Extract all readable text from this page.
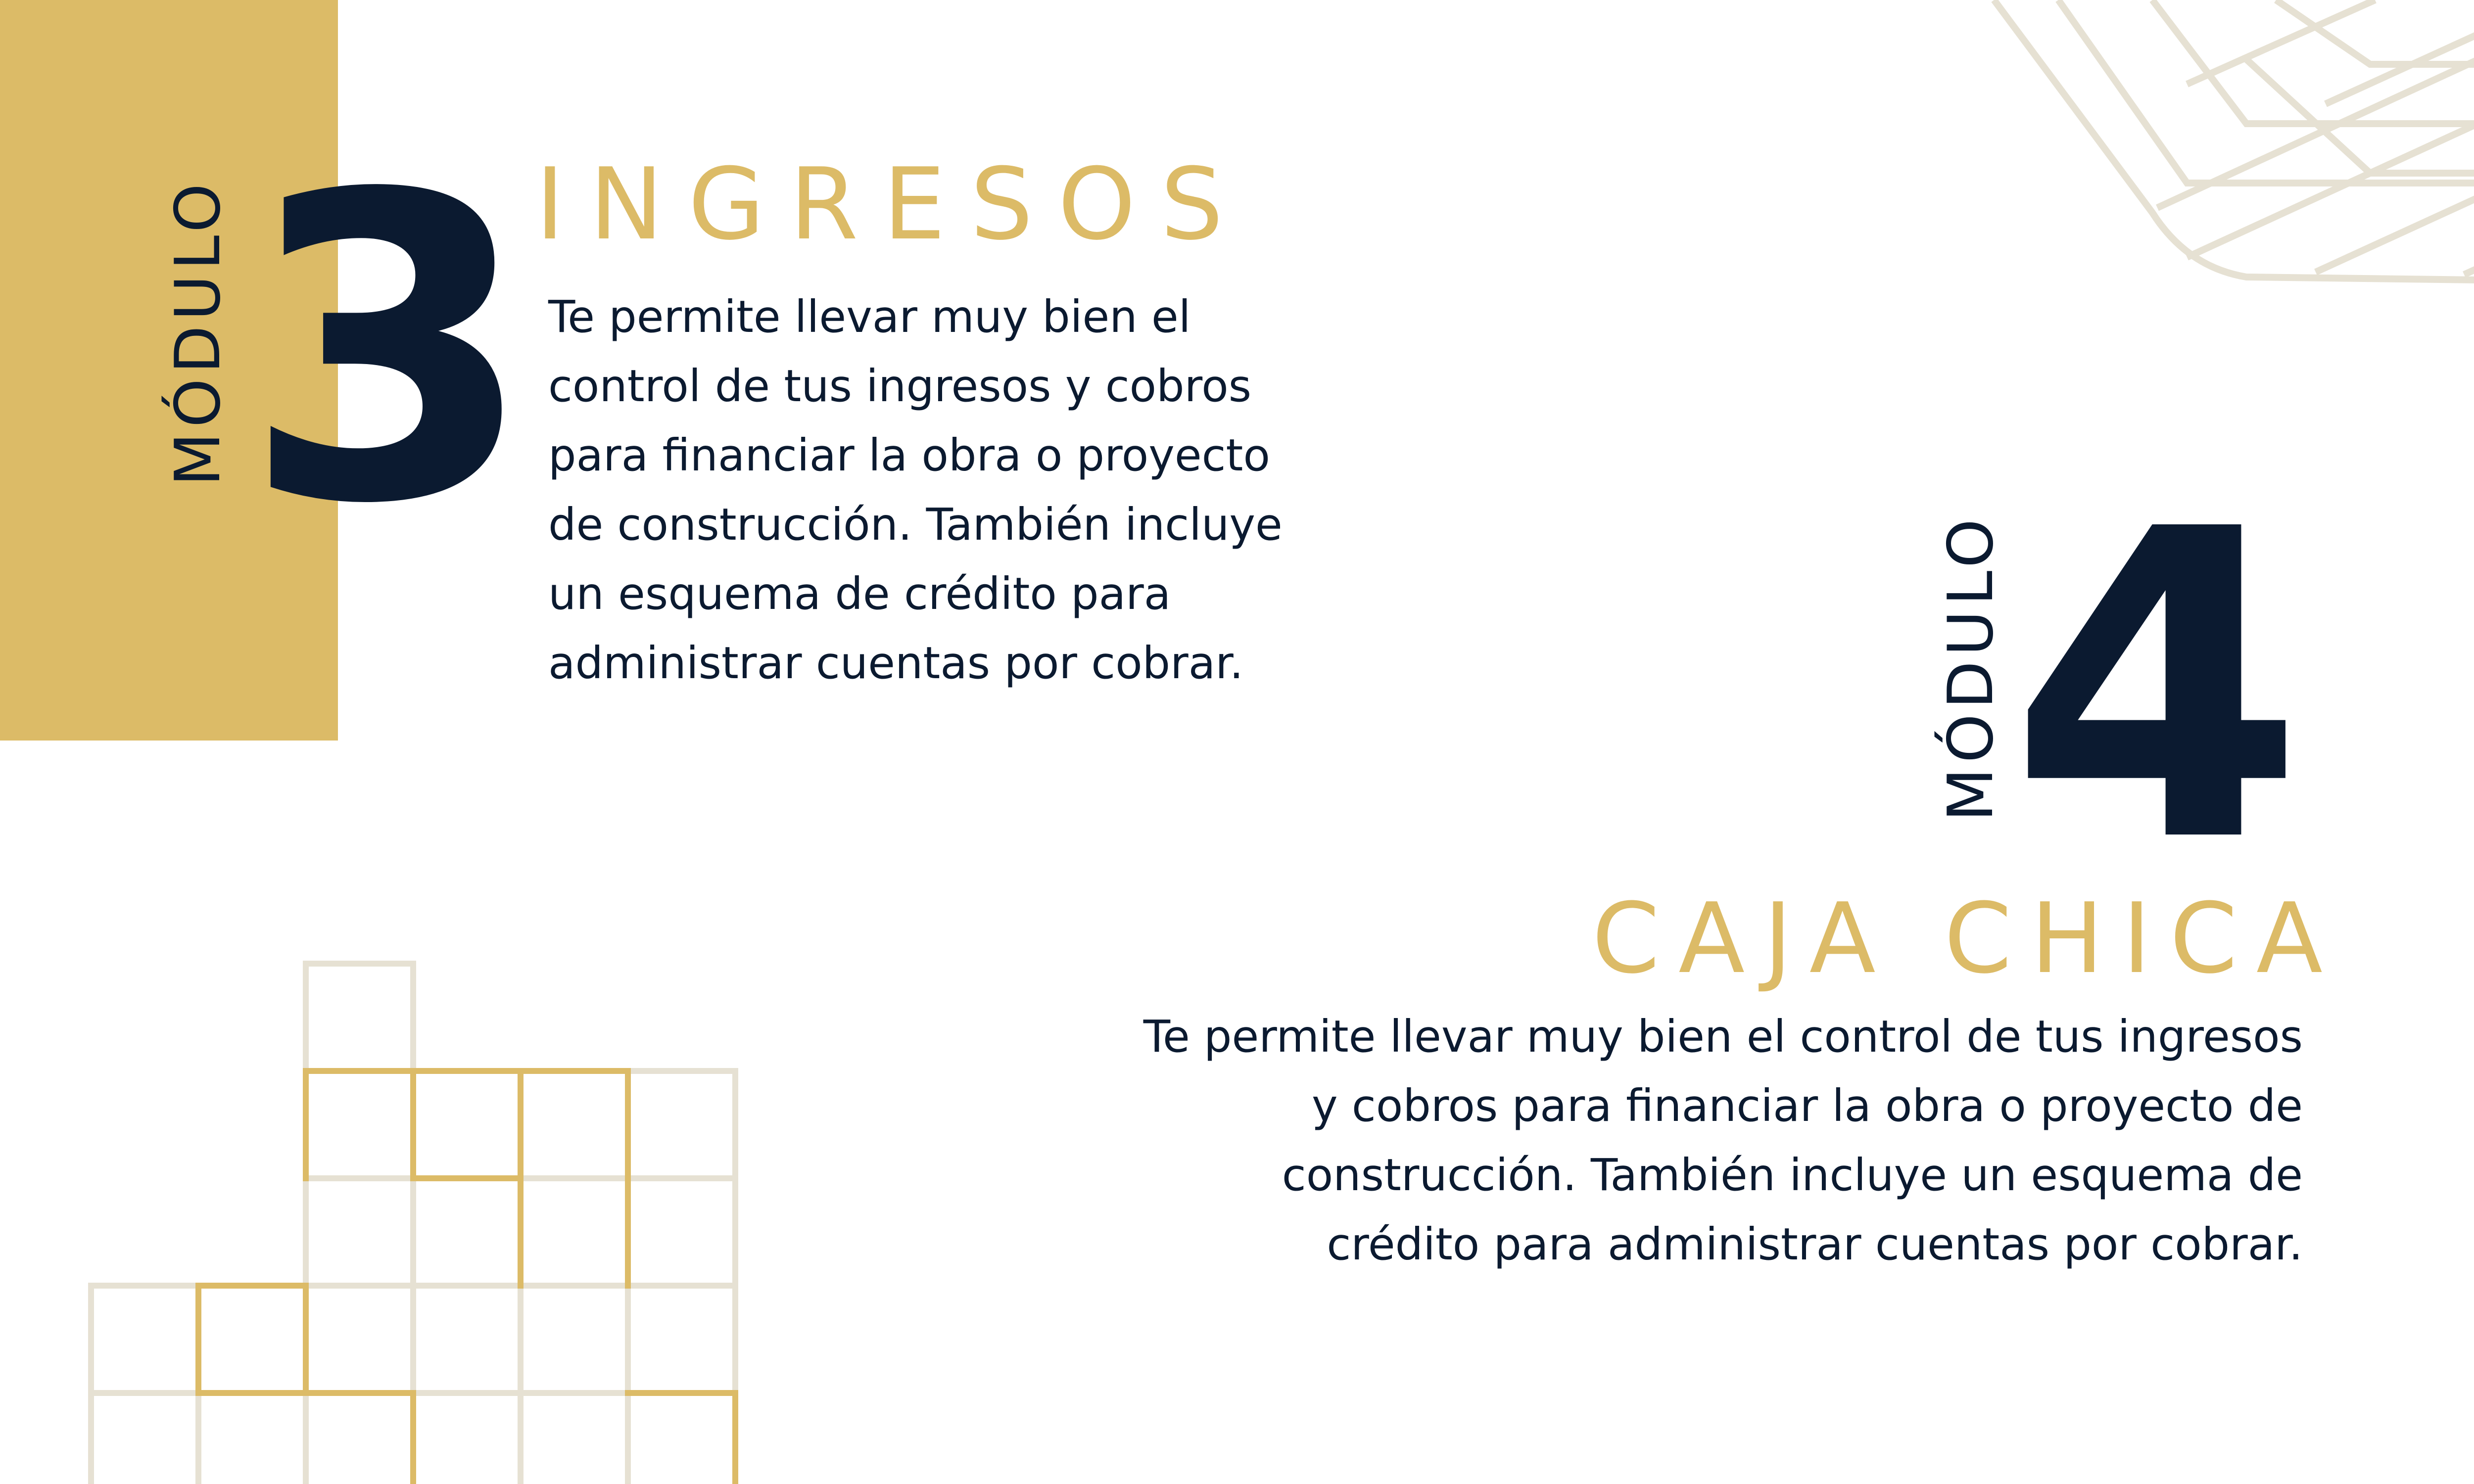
MÓDULO 3 INGRESOS
Te permite llevar muy bien el
control de tus ingresos y cobros
para financiar la obra o proyecto
de construcción. También incluye
un esquema de crédito para
administrar cuentas por cobrar.	MÓDULO 4
CAJA CHICA
Te permite llevar muy bien el control de tus ingresos
y cobros para financiar la obra o proyecto de
construcción. También incluye un esquema de
crédito para administrar cuentas por cobrar.
